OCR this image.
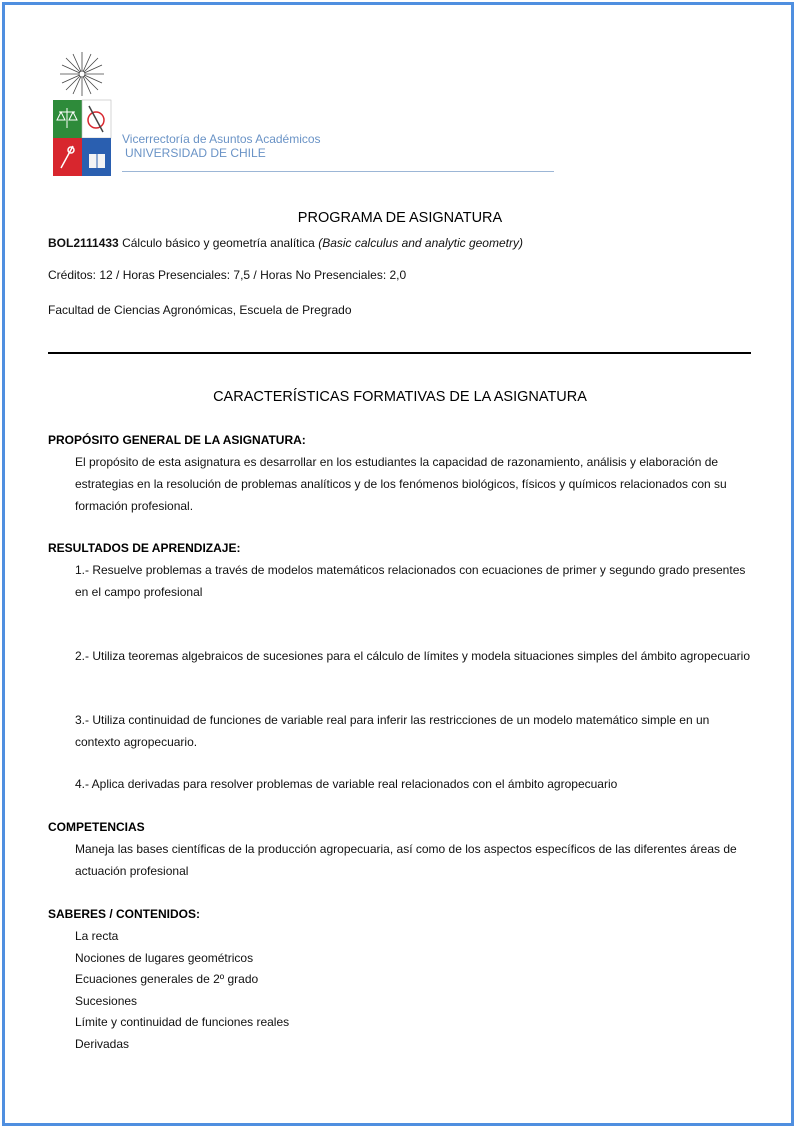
Vicerrectoría de Asuntos Académicos
UNIVERSIDAD DE CHILE
PROGRAMA DE ASIGNATURA
BOL2111433 Cálculo básico y geometría analítica (Basic calculus and analytic geometry)
Créditos: 12 / Horas Presenciales: 7,5 / Horas No Presenciales: 2,0
Facultad de Ciencias Agronómicas, Escuela de Pregrado
CARACTERÍSTICAS FORMATIVAS DE LA ASIGNATURA
PROPÓSITO GENERAL DE LA ASIGNATURA:
El propósito de esta asignatura es desarrollar en los estudiantes la capacidad de razonamiento, análisis y elaboración de estrategias en la resolución de problemas analíticos y de los fenómenos biológicos, físicos y químicos relacionados con su formación profesional.
RESULTADOS DE APRENDIZAJE:
1.- Resuelve problemas a través de modelos matemáticos relacionados con ecuaciones de primer y segundo grado presentes en el campo profesional
2.- Utiliza teoremas algebraicos de sucesiones para el cálculo de límites y modela situaciones simples del ámbito agropecuario
3.- Utiliza continuidad de funciones de variable real para inferir las restricciones de un modelo matemático simple en un contexto agropecuario.
4.- Aplica derivadas para resolver problemas de variable real relacionados con el ámbito agropecuario
COMPETENCIAS
Maneja las bases científicas de la producción agropecuaria, así como de los aspectos específicos de las diferentes áreas de actuación profesional
SABERES / CONTENIDOS:
La recta
Nociones de lugares geométricos
Ecuaciones generales de 2º grado
Sucesiones
Límite y continuidad de funciones reales
Derivadas
